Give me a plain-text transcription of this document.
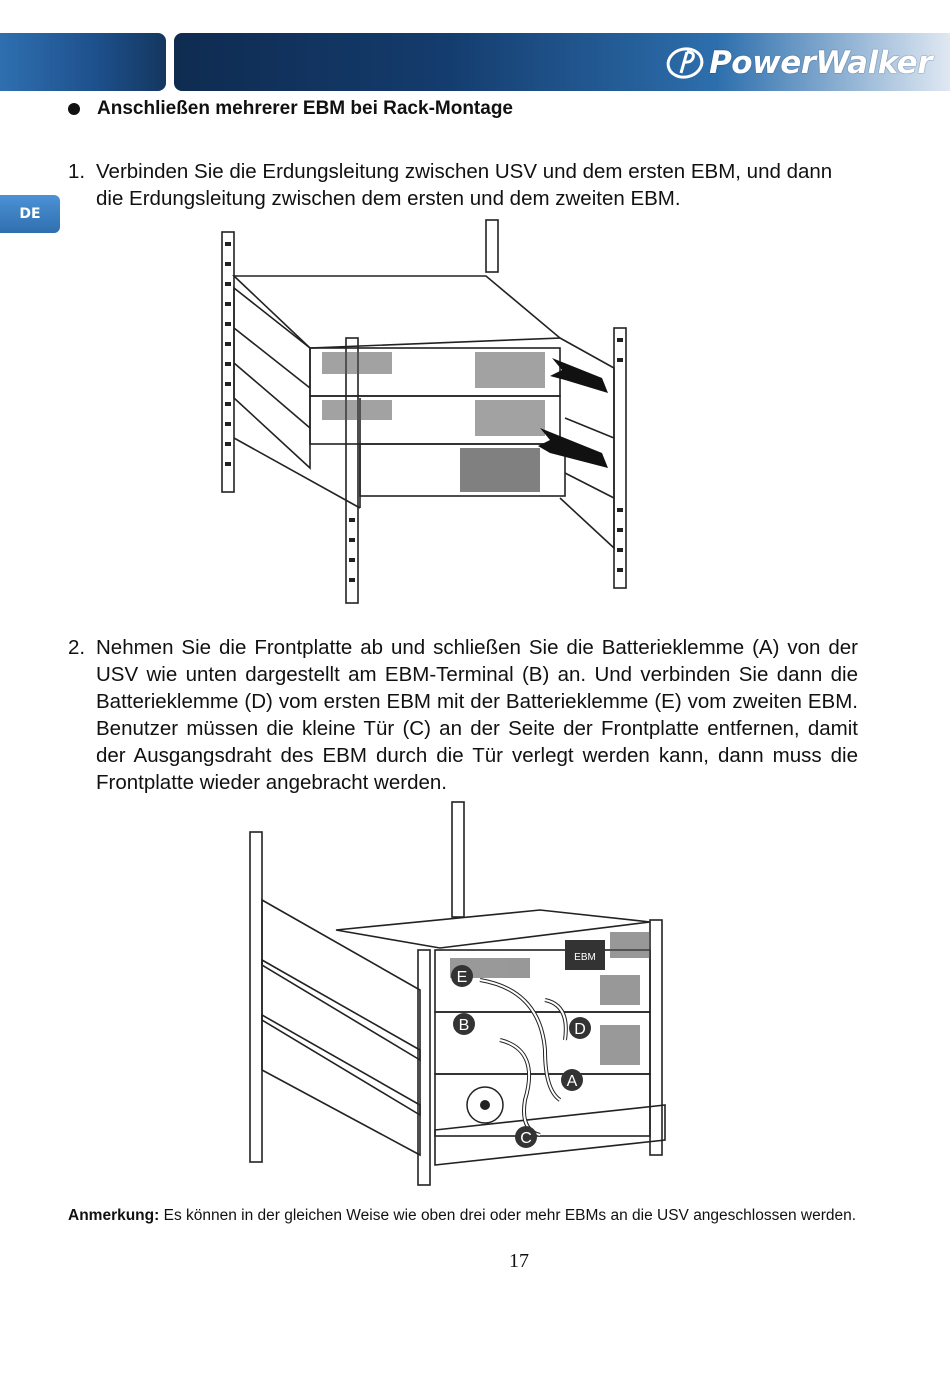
PowerWalker
DE
Anschließen mehrerer EBM bei Rack-Montage
1. Verbinden Sie die Erdungsleitung zwischen USV und dem ersten EBM, und dann die Erdungsleitung zwischen dem ersten und dem zweiten EBM.
2. Nehmen Sie die Frontplatte ab und schließen Sie die Batterieklemme (A) von der USV wie unten dargestellt am EBM-Terminal (B) an. Und verbinden Sie dann die Batterieklemme (D) vom ersten EBM mit der Batterieklemme (E) vom zweiten EBM. Benutzer müssen die kleine Tür (C) an der Seite der Frontplatte entfernen, damit der Ausgangsdraht des EBM durch die Tür verlegt werden kann, dann muss die Frontplatte wieder angebracht werden.
EBM
E
B	D
A
C
Anmerkung: Es können in der gleichen Weise wie oben drei oder mehr EBMs an die USV angeschlossen werden.
17
